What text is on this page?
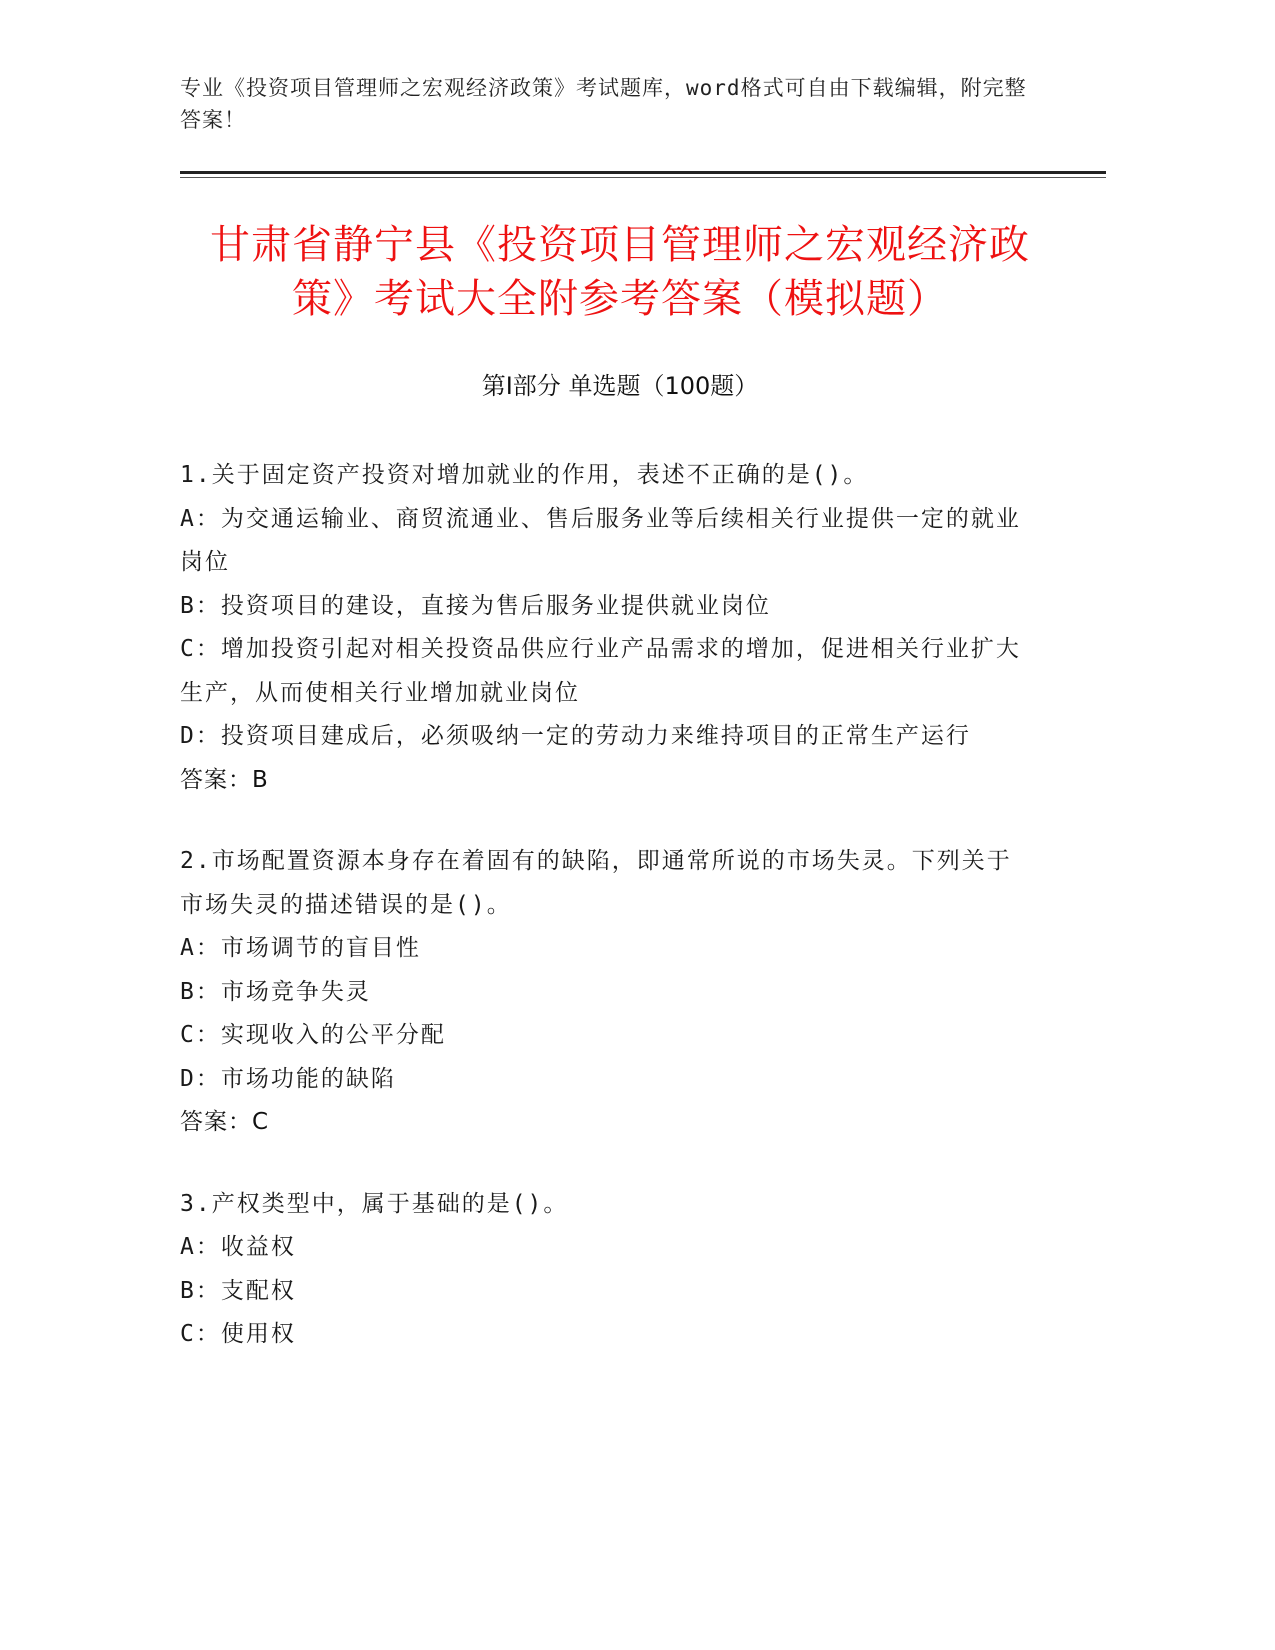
专业《投资项目管理师之宏观经济政策》考试题库，word格式可自由下载编辑，附完整答案！
甘肃省静宁县《投资项目管理师之宏观经济政策》考试大全附参考答案（模拟题）
第Ⅰ部分 单选题（100题）

1.关于固定资产投资对增加就业的作用，表述不正确的是()。

A：为交通运输业、商贸流通业、售后服务业等后续相关行业提供一定的就业岗位

B：投资项目的建设，直接为售后服务业提供就业岗位

C：增加投资引起对相关投资品供应行业产品需求的增加，促进相关行业扩大生产，从而使相关行业增加就业岗位

D：投资项目建成后，必须吸纳一定的劳动力来维持项目的正常生产运行

答案：B

2.市场配置资源本身存在着固有的缺陷，即通常所说的市场失灵。下列关于市场失灵的描述错误的是()。

A：市场调节的盲目性

B：市场竞争失灵

C：实现收入的公平分配

D：市场功能的缺陷

答案：C

3.产权类型中，属于基础的是()。

A：收益权

B：支配权

C：使用权
